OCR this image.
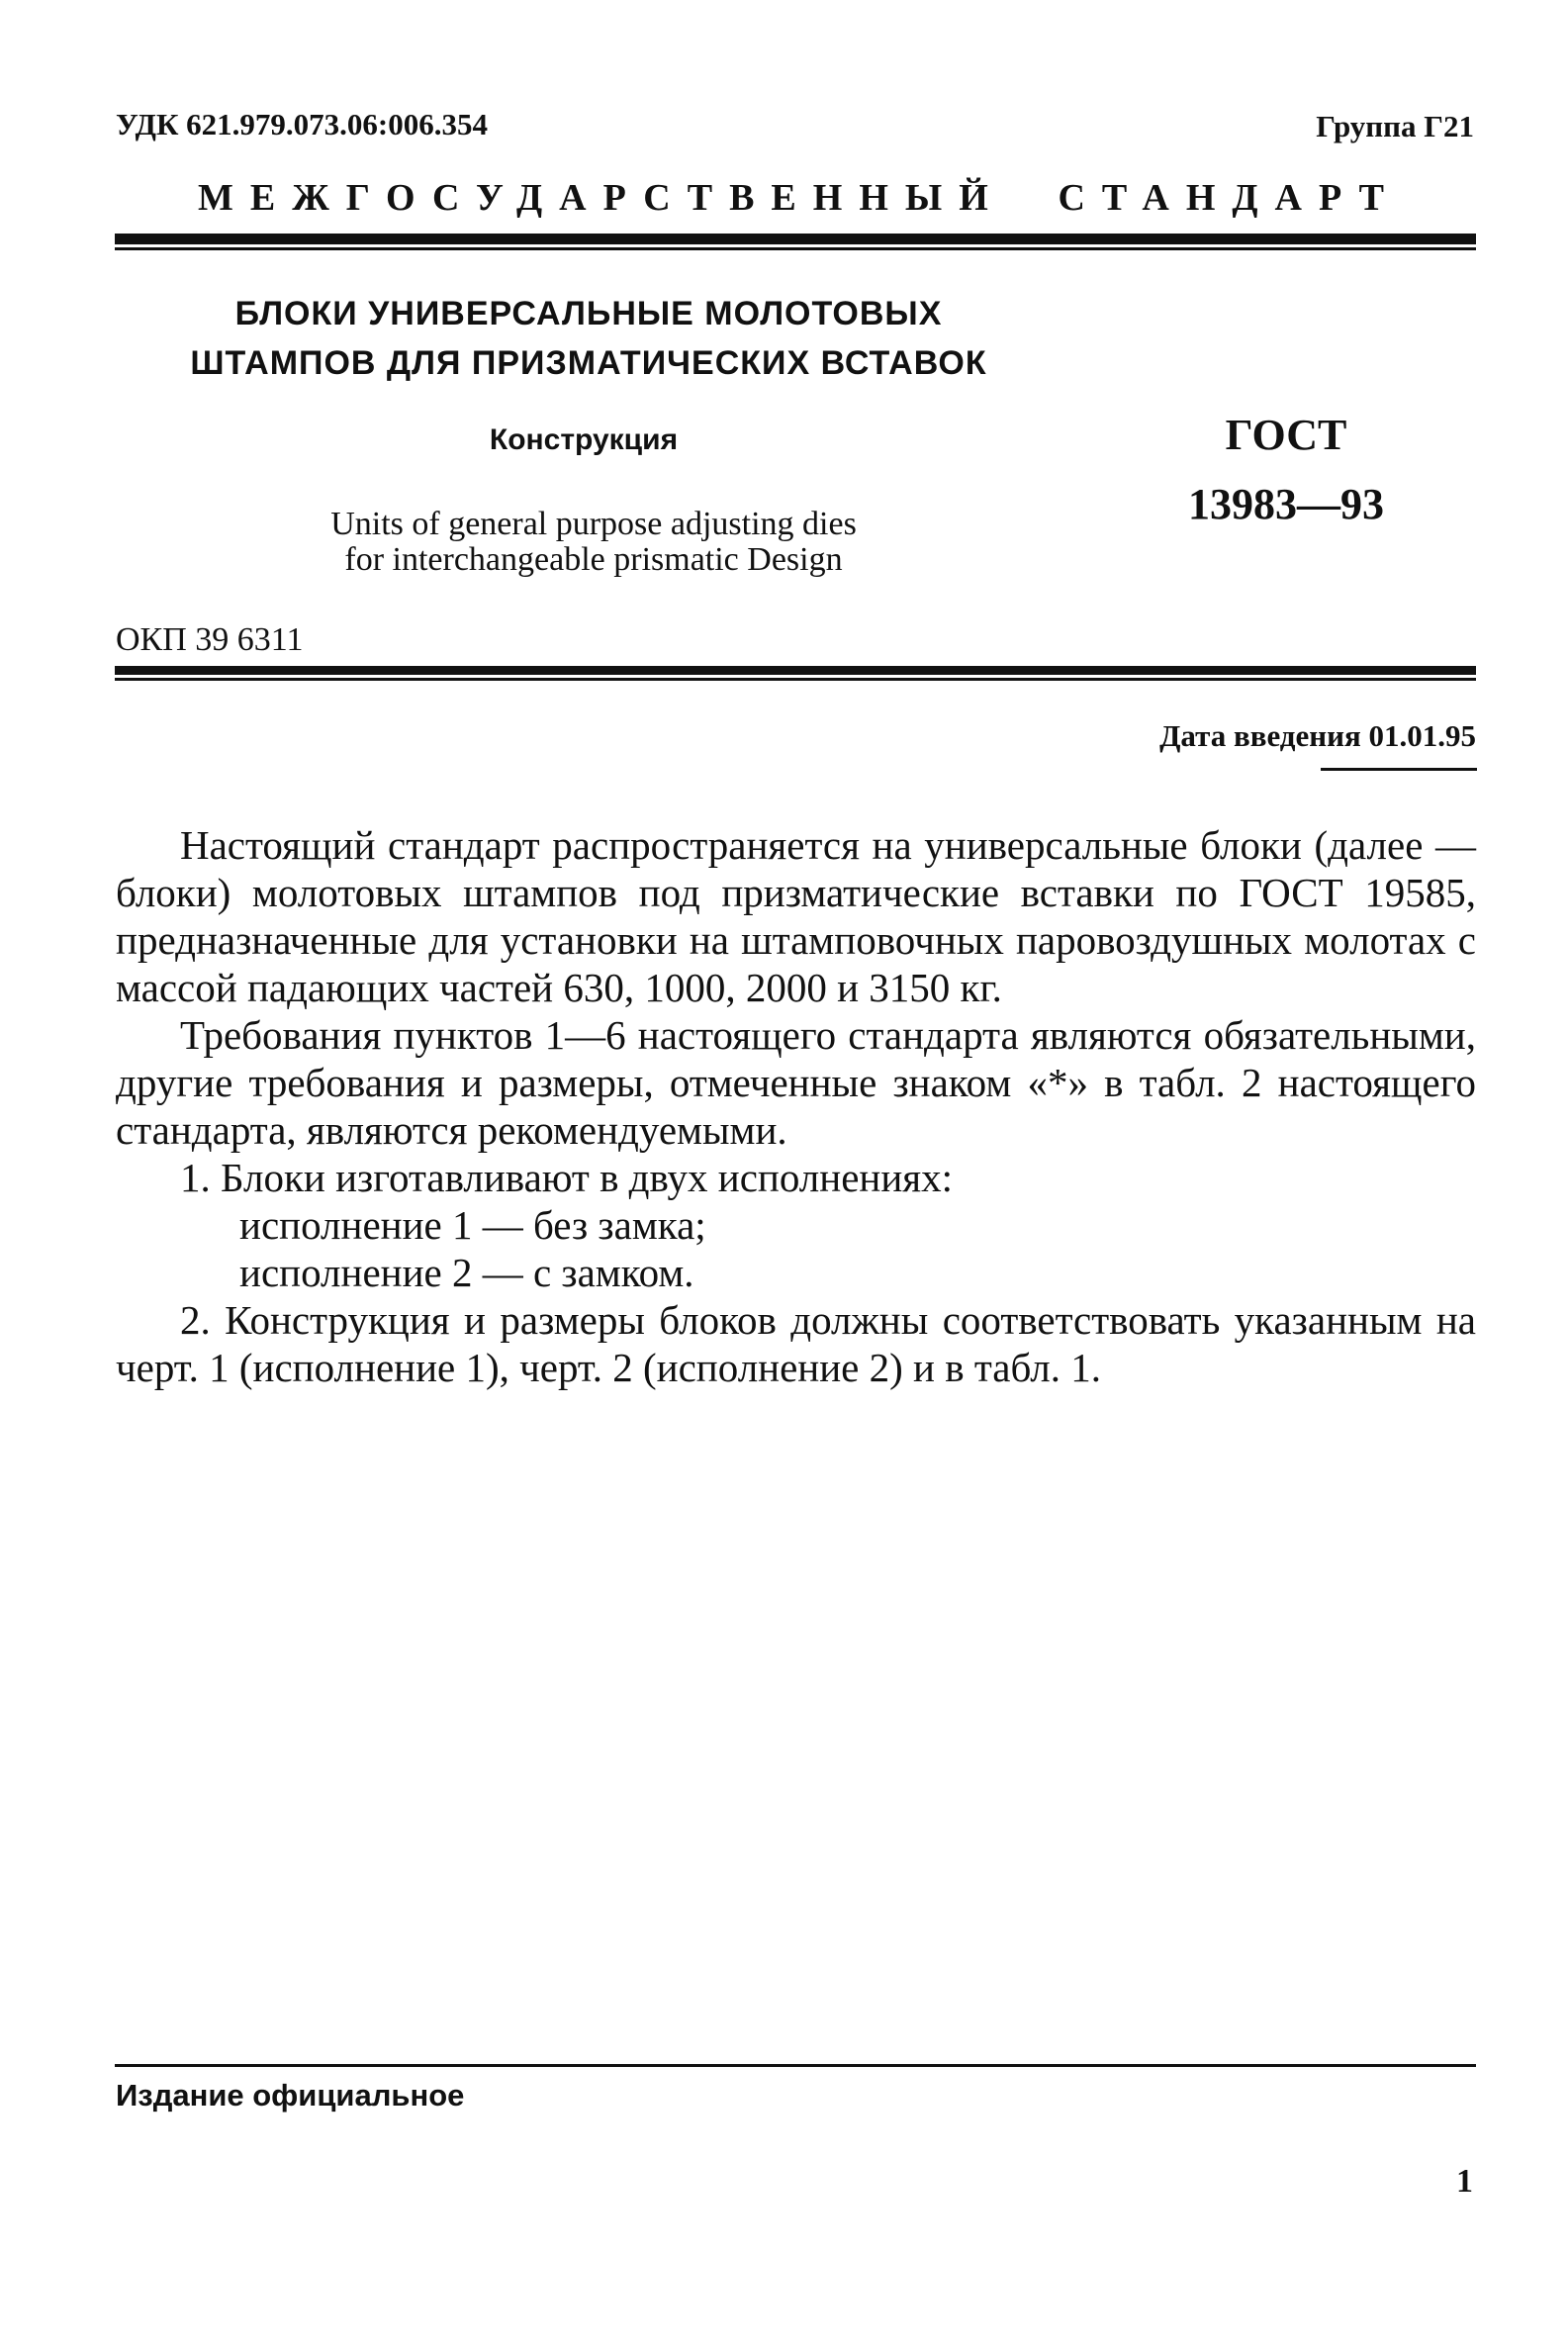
УДК 621.979.073.06:006.354	Группа Г21
МЕЖГОСУДАРСТВЕННЫЙ СТАНДАРТ
БЛОКИ УНИВЕРСАЛЬНЫЕ МОЛОТОВЫХ
ШТАМПОВ ДЛЯ ПРИЗМАТИЧЕСКИХ ВСТАВОК
Конструкция
Units of general purpose adjusting dies
for interchangeable prismatic Design
ГОСТ
13983—93
ОКП 39 6311
Дата введения 01.01.95

Настоящий стандарт распространяется на универсальные блоки (далее — блоки) молотовых штампов под призматические вставки по ГОСТ 19585, предназначенные для установки на штамповочных паровоздушных молотах с массой падающих частей 630, 1000, 2000 и 3150 кг.

Требования пунктов 1—6 настоящего стандарта являются обязательными, другие требования и размеры, отмеченные знаком «*» в табл. 2 настоящего стандарта, являются рекомендуемыми.

1. Блоки изготавливают в двух исполнениях:

исполнение 1 — без замка;

исполнение 2 — с замком.

2. Конструкция и размеры блоков должны соответствовать указанным на черт. 1 (исполнение 1), черт. 2 (исполнение 2) и в табл. 1.

Издание официальное
1
